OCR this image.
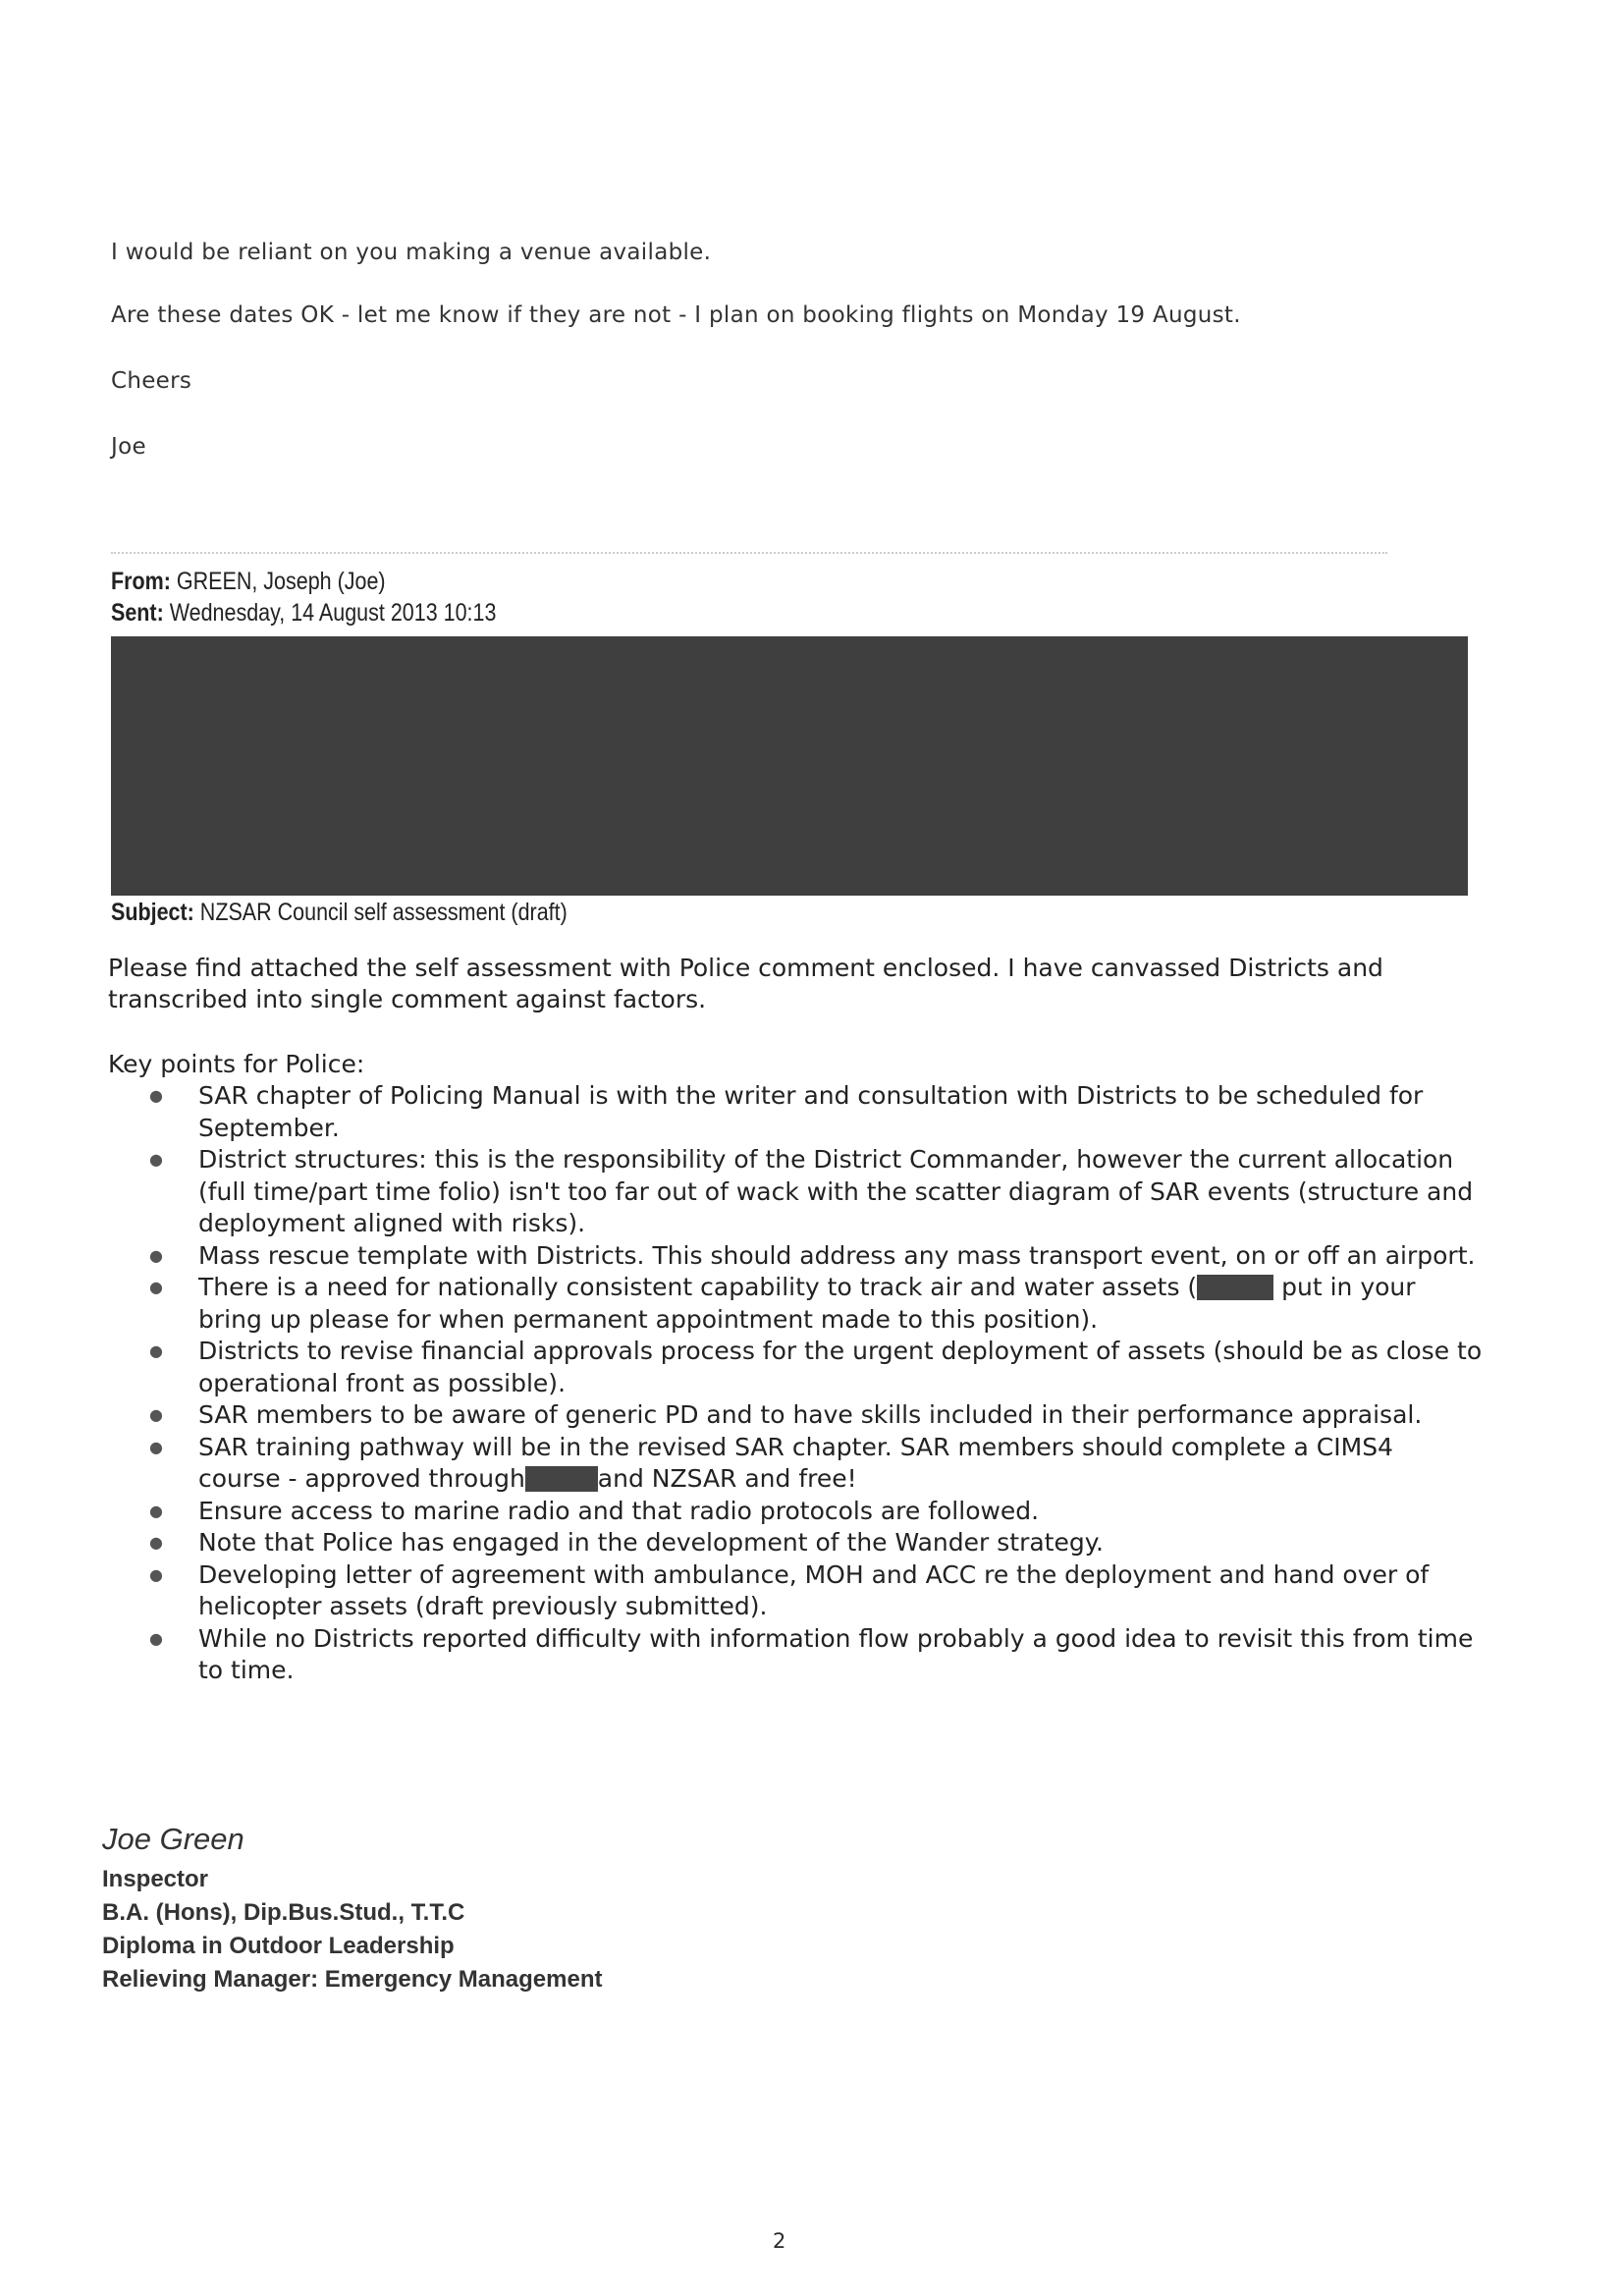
I would be reliant on you making a venue available.
Are these dates OK - let me know if they are not - I plan on booking flights on Monday 19 August.
Cheers
Joe
From: GREEN, Joseph (Joe)
Sent: Wednesday, 14 August 2013 10:13
Subject: NZSAR Council self assessment (draft)
Please find attached the self assessment with Police comment enclosed. I have canvassed Districts and transcribed into single comment against factors.
Key points for Police:
● SAR chapter of Policing Manual is with the writer and consultation with Districts to be scheduled for September.
● District structures: this is the responsibility of the District Commander, however the current allocation (full time/part time folio) isn't too far out of wack with the scatter diagram of SAR events (structure and deployment aligned with risks).
● Mass rescue template with Districts. This should address any mass transport event, on or off an airport.
● There is a need for nationally consistent capability to track air and water assets (	put in your bring up please for when permanent appointment made to this position).
● Districts to revise financial approvals process for the urgent deployment of assets (should be as close to operational front as possible).
● SAR members to be aware of generic PD and to have skills included in their performance appraisal.
● SAR training pathway will be in the revised SAR chapter. SAR members should complete a CIMS4 course - approved through	and NZSAR and free!
● Ensure access to marine radio and that radio protocols are followed.
● Note that Police has engaged in the development of the Wander strategy.
● Developing letter of agreement with ambulance, MOH and ACC re the deployment and hand over of helicopter assets (draft previously submitted).
● While no Districts reported difficulty with information flow probably a good idea to revisit this from time to time.
Joe Green
Inspector
B.A. (Hons), Dip.Bus.Stud., T.T.C
Diploma in Outdoor Leadership
Relieving Manager: Emergency Management
2
